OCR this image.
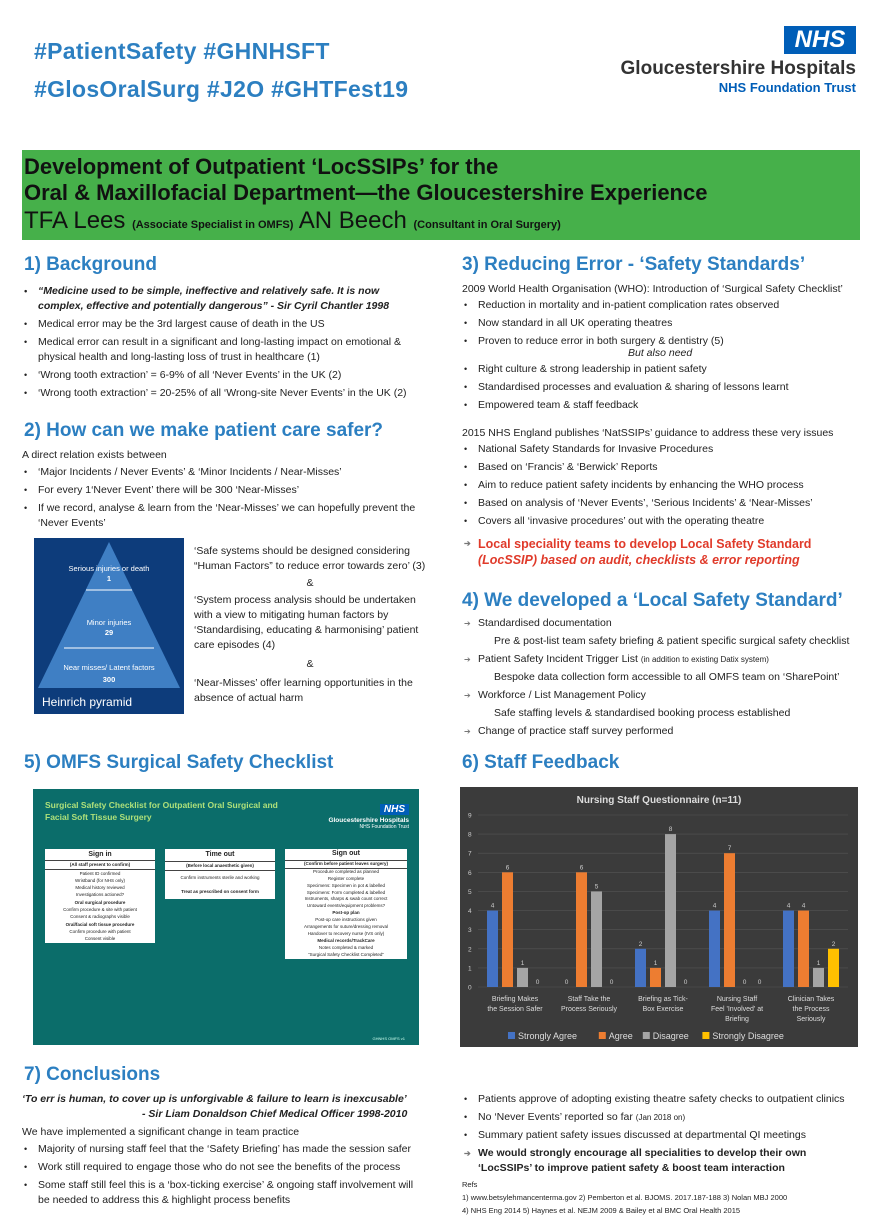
#PatientSafety #GHNHSFT
#GlosOralSurg #J2O #GHTFest19
NHS
Gloucestershire Hospitals
NHS Foundation Trust
Development of Outpatient ‘LocSSIPs’ for the
Oral & Maxillofacial Department—the Gloucestershire Experience
TFA Lees (Associate Specialist in OMFS) AN Beech (Consultant in Oral Surgery)
1) Background
• “Medicine used to be simple, ineffective and relatively safe. It is now complex, effective and potentially dangerous” - Sir Cyril Chantler 1998
• Medical error may be the 3rd largest cause of death in the US
• Medical error can result in a significant and long-lasting impact on emotional & physical health and long-lasting loss of trust in healthcare (1)
• ‘Wrong tooth extraction’ = 6-9% of all ‘Never Events’ in the UK (2)
• ‘Wrong tooth extraction’ = 20-25% of all ‘Wrong-site Never Events’ in the UK (2)
2) How can we make patient care safer?
A direct relation exists between
• ‘Major Incidents / Never Events’ & ‘Minor Incidents / Near-Misses’
• For every 1‘Never Event’ there will be 300 ‘Near-Misses’
• If we record, analyse & learn from the ‘Near-Misses’ we can hopefully prevent the ‘Never Events’
Serious injuries or death
1
Minor injuries
29
Near misses/ Latent factors
300
Heinrich pyramid
‘Safe systems should be designed considering “Human Factors” to reduce error towards zero’ (3)
&
‘System process analysis should be undertaken with a view to mitigating human factors by ‘Standardising, educating & harmonising’ patient care episodes (4)
&
‘Near-Misses’ offer learning opportunities in the absence of actual harm
3) Reducing Error - ‘Safety Standards’
2009 World Health Organisation (WHO): Introduction of ‘Surgical Safety Checklist’
• Reduction in mortality and in-patient complication rates observed
• Now standard in all UK operating theatres
• Proven to reduce error in both surgery & dentistry (5)
But also need
• Right culture & strong leadership in patient safety
• Standardised processes and evaluation & sharing of lessons learnt
• Empowered team & staff feedback
2015 NHS England publishes ‘NatSSIPs’ guidance to address these very issues
• National Safety Standards for Invasive Procedures
• Based on ‘Francis’ & ‘Berwick’ Reports
• Aim to reduce patient safety incidents by enhancing the WHO process
• Based on analysis of ‘Never Events’, ‘Serious Incidents’ & ‘Near-Misses’
• Covers all ‘invasive procedures’ out with the operating theatre
➔ Local speciality teams to develop Local Safety Standard
(LocSSIP) based on audit, checklists & error reporting
4) We developed a ‘Local Safety Standard’
➔ Standardised documentation
Pre & post-list team safety briefing & patient specific surgical safety checklist
➔ Patient Safety Incident Trigger List (in addition to existing Datix system)
Bespoke data collection form accessible to all OMFS team on ‘SharePoint’
➔ Workforce / List Management Policy
Safe staffing levels & standardised booking process established
➔ Change of practice staff survey performed
5) OMFS Surgical Safety Checklist
Surgical Safety Checklist for Outpatient Oral Surgical and Facial Soft Tissue Surgery
NHS
Gloucestershire Hospitals
NHS Foundation Trust
Sign in
(All staff present to confirm)
Patient ID confirmed
Wristband (for NHS only)
Medical history reviewed
Investigations actioned?
Oral surgical procedure
Confirm procedure & site with patient
Consent & radiographs visible
Oral/facial soft tissue procedure
Confirm procedure with patient
Consent visible
Time out
(Before local anaesthetic given)
Confirm instruments sterile and working
Treat as prescribed on consent form
Sign out
(Confirm before patient leaves surgery)
Procedure completed as planned
Register complete
Specimens: Specimen in pot & labelled
Specimens: Form completed & labelled
Instruments, sharps & swab count correct
Untoward events/equipment problems?
Post-op plan
Post-op care instructions given
Arrangements for suture/dressing removal
Handover to recovery nurse (IVS only)
Medical records/TrackCare
Notes completed & marked
“Surgical Safety Checklist Completed”
GHNHS OMFS v1
6) Staff Feedback
Nursing Staff Questionnaire (n=11)
0
1
2
3
4
5
6
7
8
9
4
6
1
0
Briefing Makes
the Session Safer
0
6
5
0
Staff Take the
Process Seriously
2
1
8
0
Briefing as Tick-
Box Exercise
4
7
0 0
Nursing Staff
Feel 'Involved' at
Briefing
4 4
1
2
Clinician Takes
the Process
Seriously
Strongly Agree	Agree Disagree	Strongly Disagree
7) Conclusions
‘To err is human, to cover up is unforgivable & failure to learn is inexcusable’
- Sir Liam Donaldson Chief Medical Officer 1998-2010
We have implemented a significant change in team practice
• Majority of nursing staff feel that the ‘Safety Briefing’ has made the session safer
• Work still required to engage those who do not see the benefits of the process
• Some staff still feel this is a ‘box-ticking exercise’ & ongoing staff involvement will be needed to address this & highlight process benefits
• Patients approve of adopting existing theatre safety checks to outpatient clinics
• No ‘Never Events’ reported so far (Jan 2018 on)
• Summary patient safety issues discussed at departmental QI meetings
➔ We would strongly encourage all specialities to develop their own ‘LocSSIPs’ to improve patient safety & boost team interaction
Refs
1) www.betsylehmancenterma.gov 2) Pemberton et al. BJOMS. 2017.187-188 3) Nolan MBJ 2000
4) NHS Eng 2014 5) Haynes et al. NEJM 2009 & Bailey et al BMC Oral Health 2015
